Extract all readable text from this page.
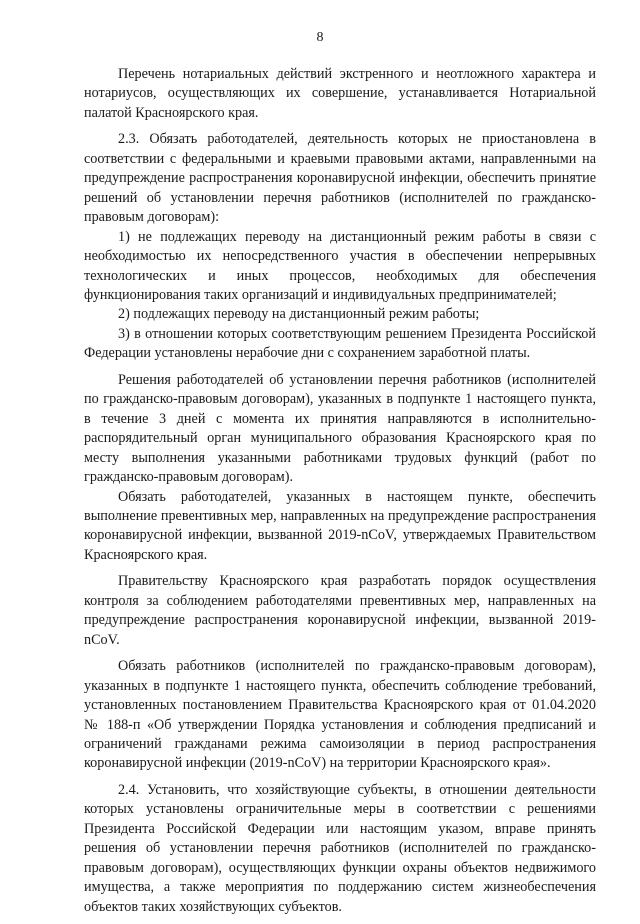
8

Перечень нотариальных действий экстренного и неотложного характера и нотариусов, осуществляющих их совершение, устанавливается Нотариальной палатой Красноярского края.

2.3. Обязать работодателей, деятельность которых не приостановлена в соответствии с федеральными и краевыми правовыми актами, направленными на предупреждение распространения коронавирусной инфекции, обеспечить принятие решений об установлении перечня работников (исполнителей по гражданско-правовым договорам):

1) не подлежащих переводу на дистанционный режим работы в связи с необходимостью их непосредственного участия в обеспечении непрерывных технологических и иных процессов, необходимых для обеспечения функционирования таких организаций и индивидуальных предпринимателей;

2) подлежащих переводу на дистанционный режим работы;

3) в отношении которых соответствующим решением Президента Российской Федерации установлены нерабочие дни с сохранением заработной платы.

Решения работодателей об установлении перечня работников (исполнителей по гражданско-правовым договорам), указанных в подпункте 1 настоящего пункта, в течение 3 дней с момента их принятия направляются в исполнительно-распорядительный орган муниципального образования Красноярского края по месту выполнения указанными работниками трудовых функций (работ по гражданско-правовым договорам).

Обязать работодателей, указанных в настоящем пункте, обеспечить выполнение превентивных мер, направленных на предупреждение распространения коронавирусной инфекции, вызванной 2019-nCoV, утверждаемых Правительством Красноярского края.

Правительству Красноярского края разработать порядок осуществления контроля за соблюдением работодателями превентивных мер, направленных на предупреждение распространения коронавирусной инфекции, вызванной 2019-nCoV.

Обязать работников (исполнителей по гражданско-правовым договорам), указанных в подпункте 1 настоящего пункта, обеспечить соблюдение требований, установленных постановлением Правительства Красноярского края от 01.04.2020 № 188-п «Об утверждении Порядка установления и соблюдения предписаний и ограничений гражданами режима самоизоляции в период распространения коронавирусной инфекции (2019-nCoV) на территории Красноярского края».

2.4. Установить, что хозяйствующие субъекты, в отношении деятельности которых установлены ограничительные меры в соответствии с решениями Президента Российской Федерации или настоящим указом, вправе принять решения об установлении перечня работников (исполнителей по гражданско-правовым договорам), осуществляющих функции охраны объектов недвижимого имущества, а также мероприятия по поддержанию систем жизнеобеспечения объектов таких хозяйствующих субъектов.
